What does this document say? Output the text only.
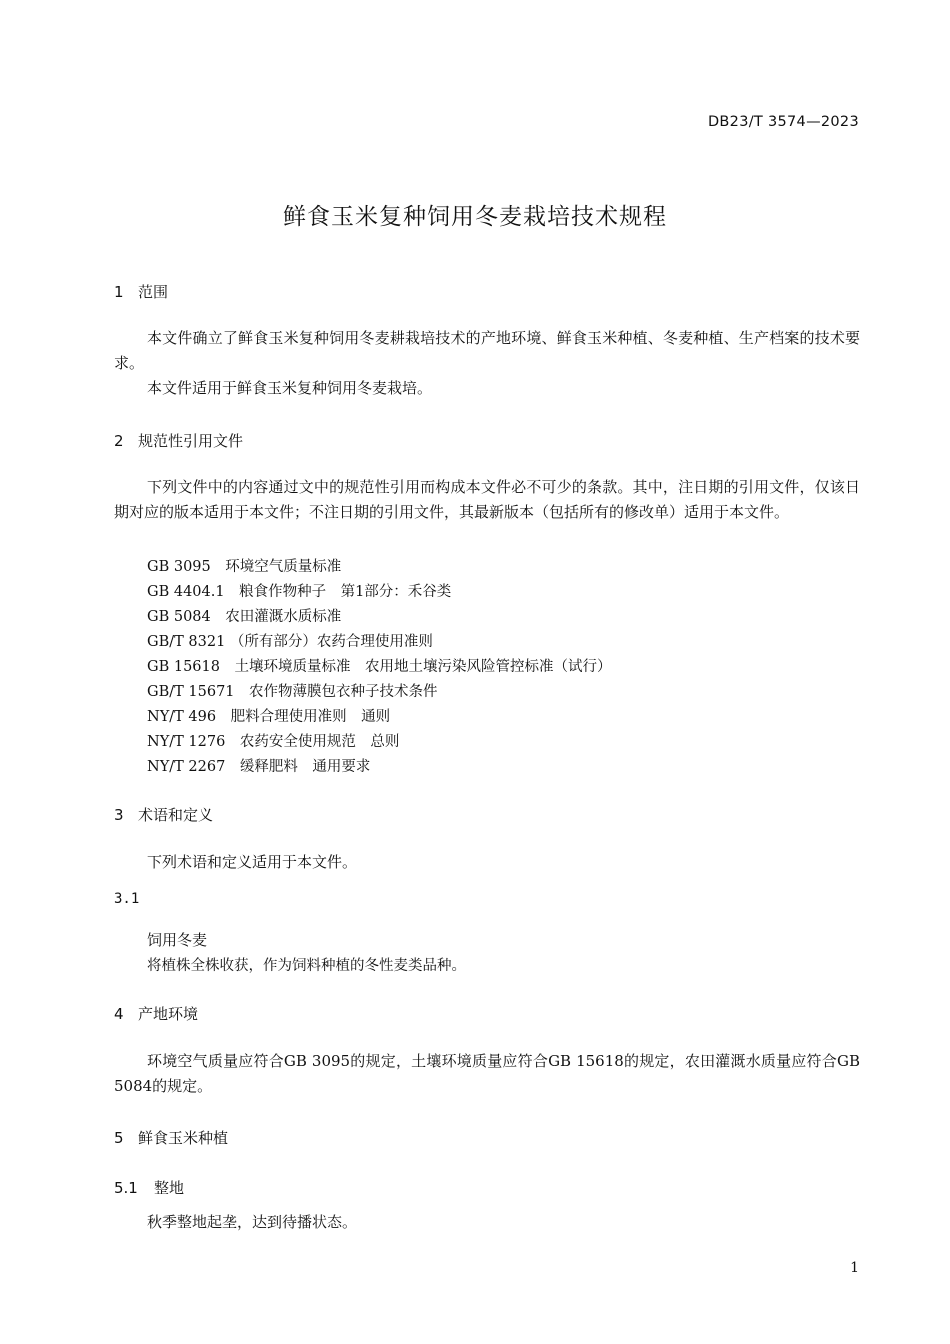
DB23/T 3574—2023
鲜食玉米复种饲用冬麦栽培技术规程
1 范围
本文件确立了鲜食玉米复种饲用冬麦耕栽培技术的产地环境、鲜食玉米种植、冬麦种植、生产档案的技术要求。
本文件适用于鲜食玉米复种饲用冬麦栽培。
2 规范性引用文件
下列文件中的内容通过文中的规范性引用而构成本文件必不可少的条款。其中，注日期的引用文件，仅该日期对应的版本适用于本文件；不注日期的引用文件，其最新版本（包括所有的修改单）适用于本文件。
GB 3095　环境空气质量标准
GB 4404.1　粮食作物种子　第1部分：禾谷类
GB 5084　农田灌溉水质标准
GB/T 8321 （所有部分）农药合理使用准则
GB 15618　土壤环境质量标准　农用地土壤污染风险管控标准（试行）
GB/T 15671　农作物薄膜包衣种子技术条件
NY/T 496　肥料合理使用准则　通则
NY/T 1276　农药安全使用规范　总则
NY/T 2267　缓释肥料　通用要求
3 术语和定义
下列术语和定义适用于本文件。
3.1
饲用冬麦
将植株全株收获，作为饲料种植的冬性麦类品种。
4 产地环境
环境空气质量应符合GB 3095的规定，土壤环境质量应符合GB 15618的规定，农田灌溉水质量应符合GB 5084的规定。
5 鲜食玉米种植
5.1 整地
秋季整地起垄，达到待播状态。
1
